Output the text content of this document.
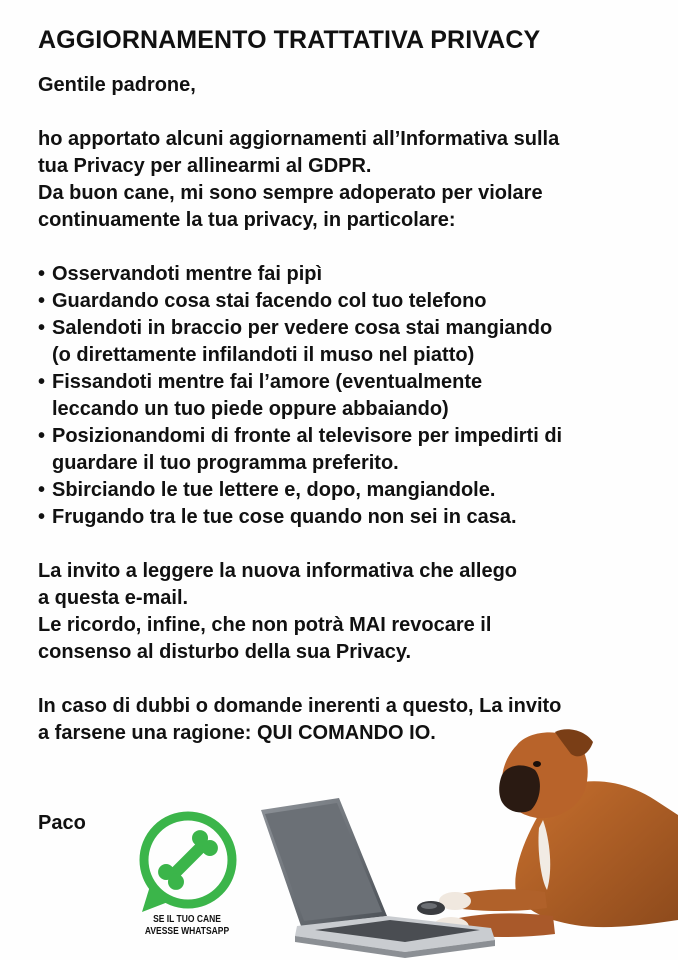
AGGIORNAMENTO TRATTATIVA PRIVACY
Gentile padrone,
ho apportato alcuni aggiornamenti all’Informativa sulla
tua Privacy per allinearmi al GDPR.
Da buon cane, mi sono sempre adoperato per violare
continuamente la tua privacy, in particolare:
• Osservandoti mentre fai pipì
• Guardando cosa stai facendo col tuo telefono
• Salendoti in braccio per vedere cosa stai mangiando
(o direttamente infilandoti il muso nel piatto)
• Fissandoti mentre fai l’amore (eventualmente
leccando un tuo piede oppure abbaiando)
• Posizionandomi di fronte al televisore per impedirti di
guardare il tuo programma preferito.
• Sbirciando le tue lettere e, dopo, mangiandole.
• Frugando tra le tue cose quando non sei in casa.
La invito a leggere la nuova informativa che allego
a questa e-mail.
Le ricordo, infine, che non potrà MAI revocare il
consenso al disturbo della sua Privacy.
In caso di dubbi o domande inerenti a questo, La invito
a farsene una ragione: QUI COMANDO IO.
Paco
SE IL TUO CANE
AVESSE WHATSAPP
